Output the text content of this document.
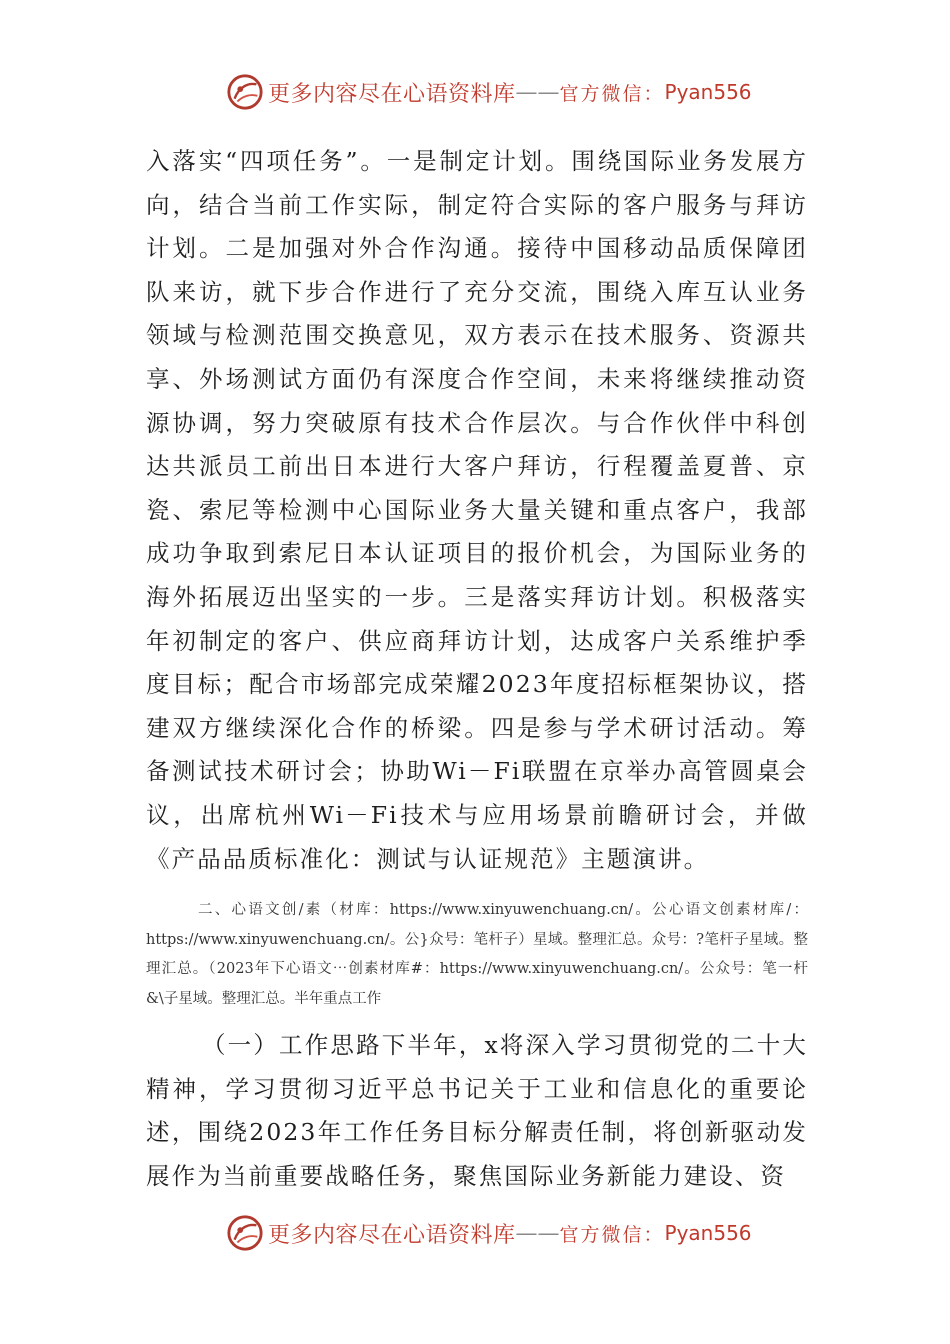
更多内容尽在心语资料库 —— 官方微信： Pyan556

入落实“四项任务”。一是制定计划。围绕国际业务发展方向，结合当前工作实际，制定符合实际的客户服务与拜访计划。二是加强对外合作沟通。接待中国移动品质保障团队来访，就下步合作进行了充分交流，围绕入库互认业务领域与检测范围交换意见，双方表示在技术服务、资源共享、外场测试方面仍有深度合作空间，未来将继续推动资源协调，努力突破原有技术合作层次。与合作伙伴中科创达共派员工前出日本进行大客户拜访，行程覆盖夏普、京瓷、索尼等检测中心国际业务大量关键和重点客户，我部成功争取到索尼日本认证项目的报价机会，为国际业务的海外拓展迈出坚实的一步。三是落实拜访计划。积极落实年初制定的客户、供应商拜访计划，达成客户关系维护季度目标；配合市场部完成荣耀2023年度招标框架协议，搭建双方继续深化合作的桥梁。四是参与学术研讨活动。筹备测试技术研讨会；协助Wi－Fi联盟在京举办高管圆桌会议，出席杭州Wi－Fi技术与应用场景前瞻研讨会，并做《产品品质标准化：测试与认证规范》主题演讲。

二、心语文创/素（材库：https://www.xinyuwenchuang.cn/。公心语文创素材库/：https://www.xinyuwenchuang.cn/。公}众号：笔杆子）星域。整理汇总。众号：?笔杆子星域。整理汇总。（2023年下心语文⋯创素材库#：https://www.xinyuwenchuang.cn/。公众号：笔一杆&\子星域。整理汇总。半年重点工作

（一）工作思路下半年，x将深入学习贯彻党的二十大精神，学习贯彻习近平总书记关于工业和信息化的重要论述，围绕2023年工作任务目标分解责任制，将创新驱动发展作为当前重要战略任务，聚焦国际业务新能力建设、资

更多内容尽在心语资料库 —— 官方微信： Pyan556
